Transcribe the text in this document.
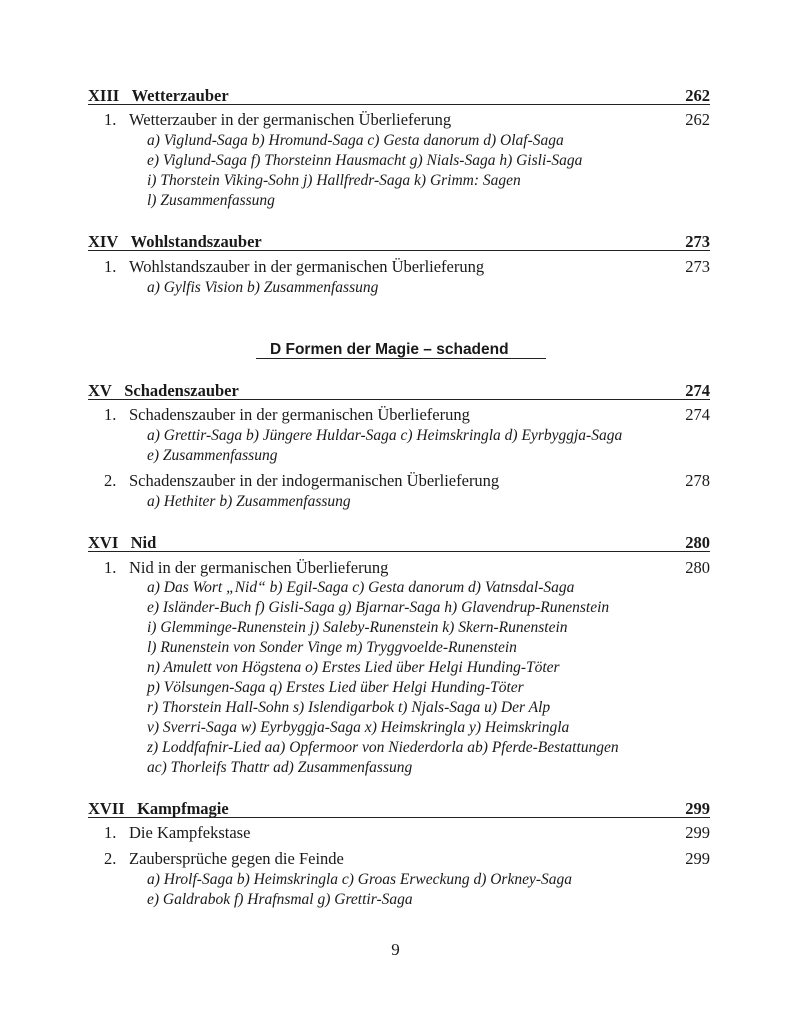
XIII Wetterzauber	262
1. Wetterzauber in der germanischen Überlieferung	262
a) Viglund-Saga b) Hromund-Saga c) Gesta danorum d) Olaf-Saga
e) Viglund-Saga f) Thorsteinn Hausmacht g) Nials-Saga h) Gisli-Saga
i) Thorstein Viking-Sohn j) Hallfredr-Saga k) Grimm: Sagen
l) Zusammenfassung
XIV Wohlstandszauber	273
1. Wohlstandszauber in der germanischen Überlieferung	273
a) Gylfis Vision b) Zusammenfassung
D Formen der Magie – schadend
XV Schadenszauber	274
1. Schadenszauber in der germanischen Überlieferung	274
a) Grettir-Saga b) Jüngere Huldar-Saga c) Heimskringla d) Eyrbyggja-Saga
e) Zusammenfassung
2. Schadenszauber in der indogermanischen Überlieferung	278
a) Hethiter b) Zusammenfassung
XVI Nid	280
1. Nid in der germanischen Überlieferung	280
a) Das Wort „Nid“ b) Egil-Saga c) Gesta danorum d) Vatnsdal-Saga
e) Isländer-Buch f) Gisli-Saga g) Bjarnar-Saga h) Glavendrup-Runenstein
i) Glemminge-Runenstein j) Saleby-Runenstein k) Skern-Runenstein
l) Runenstein von Sonder Vinge m) Tryggvoelde-Runenstein
n) Amulett von Högstena o) Erstes Lied über Helgi Hunding-Töter
p) Völsungen-Saga q) Erstes Lied über Helgi Hunding-Töter
r) Thorstein Hall-Sohn s) Islendigarbok t) Njals-Saga u) Der Alp
v) Sverri-Saga w) Eyrbyggja-Saga x) Heimskringla y) Heimskringla
z) Loddfafnir-Lied aa) Opfermoor von Niederdorla ab) Pferde-Bestattungen
ac) Thorleifs Thattr ad) Zusammenfassung
XVII Kampfmagie	299
1. Die Kampfekstase	299
2. Zaubersprüche gegen die Feinde	299
a) Hrolf-Saga b) Heimskringla c) Groas Erweckung d) Orkney-Saga
e) Galdrabok f) Hrafnsmal g) Grettir-Saga
9
